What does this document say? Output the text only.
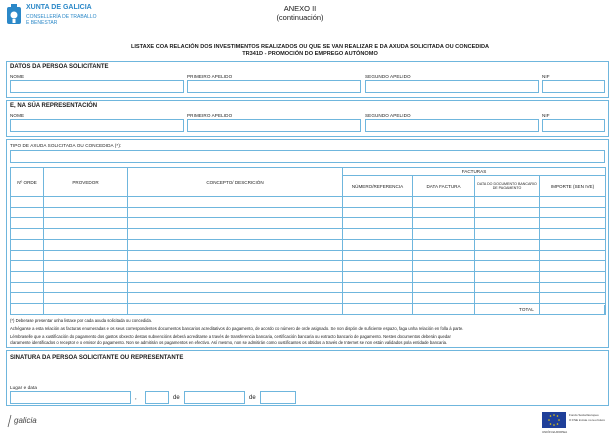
XUNTA DE GALICIA
CONSELLERÍA DE TRABALLO
E BENESTAR
ANEXO II
(continuación)
LISTAXE COA RELACIÓN DOS INVESTIMENTOS REALIZADOS OU QUE SE VAN REALIZAR E DA AXUDA SOLICITADA OU CONCEDIDA
TR341D - PROMOCIÓN DO EMPREGO AUTÓNOMO
DATOS DA PERSOA SOLICITANTE
NOME	PRIMEIRO APELIDO	SEGUNDO APELIDO	NIF
E, NA SÚA REPRESENTACIÓN
NOME	PRIMEIRO APELIDO	SEGUNDO APELIDO	NIF
TIPO DE AXUDA SOLICITADA OU CONCEDIDA (*):
Nº ORDE	PROVEDOR	CONCEPTO/ DESCRICIÓN	FACTURAS			
			NÚMERO/REFERENCIA	DATA FACTURA	DATA DO DOCUMENTO BANCARIO DE PAGAMENTO	IMPORTE (SEN IVE)

TOTAL
(*) Deberase presentar unha listaxe por cada axuda solicitada ou concedida.
Achéganse a esta relación as facturas enumeradas e os seus correspondentes documentos bancarios acreditativos do pagamento, de acordo co número de orde asignado. Se non dispón de suficiente espazo, faga unha relación en folla á parte.
Lémbraselle que a xustificación do pagamento dos gastos obxecto destas subvencións deberá acreditarse a través de transferencia bancaria, certificación bancaria ou extracto bancario de pagamento. Nestes documentos deberán quedar
claramente identificados o receptor e o emisor do pagamento. Non se admitirán os pagamentos en efectivo. Así mesmo, non se admitirán como xustificantes os obtidos a través de Internet se non están validados pola entidade bancaria.
SINATURA DA PERSOA SOLICITANTE OU REPRESENTANTE
Lugar e data
,	de	de
galicia
Fondo Social Europeo
O FSE inviste no teu futuro
UNIÓN EUROPEA
